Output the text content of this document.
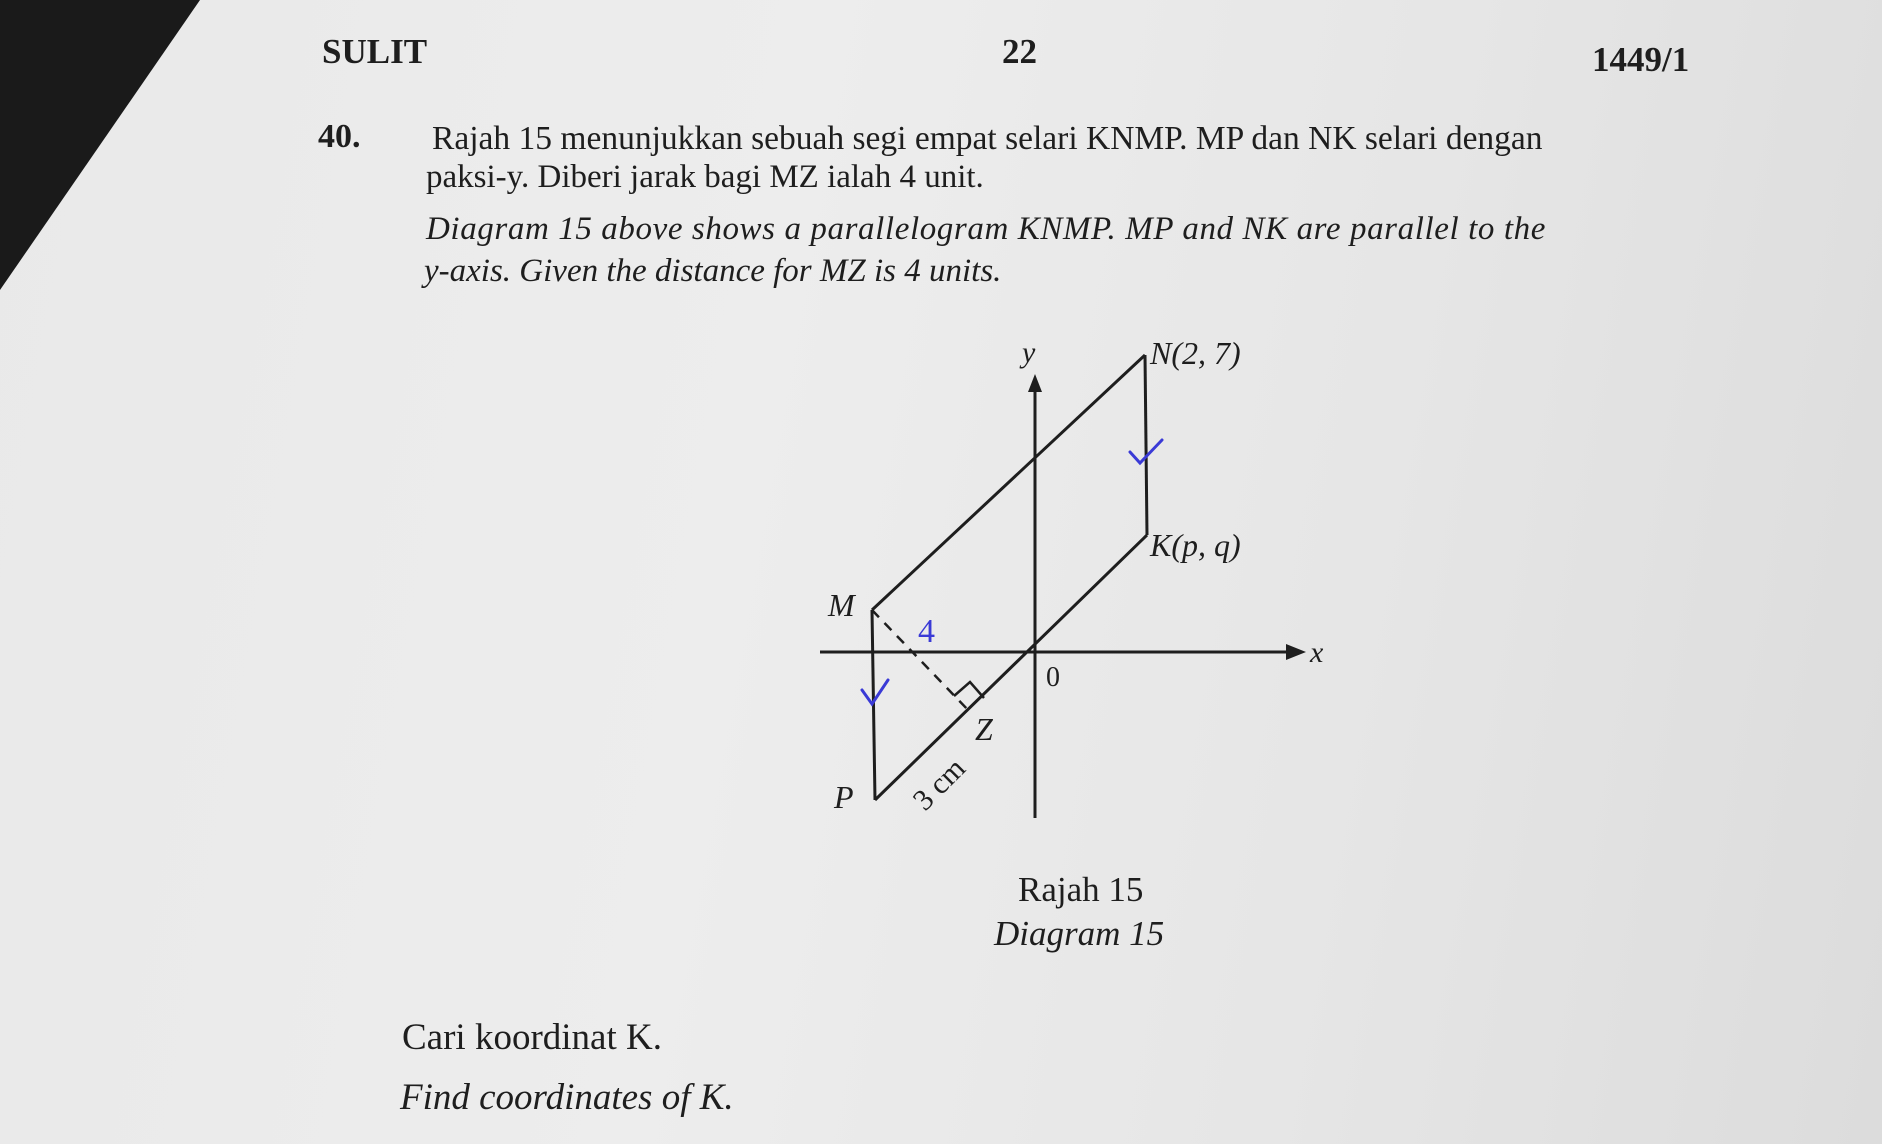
SULIT	22	1449/1
40. Rajah 15 menunjukkan sebuah segi empat selari KNMP. MP dan NK selari dengan
paksi-y. Diberi jarak bagi MZ ialah 4 unit.
Diagram 15 above shows a parallelogram KNMP. MP and NK are parallel to the
y-axis. Given the distance for MZ is 4 units.
y
x
0
N(2, 7)
K(p, q)
M
P
Z
4
3 cm
Rajah 15
Diagram 15
Cari koordinat K.
Find coordinates of K.
